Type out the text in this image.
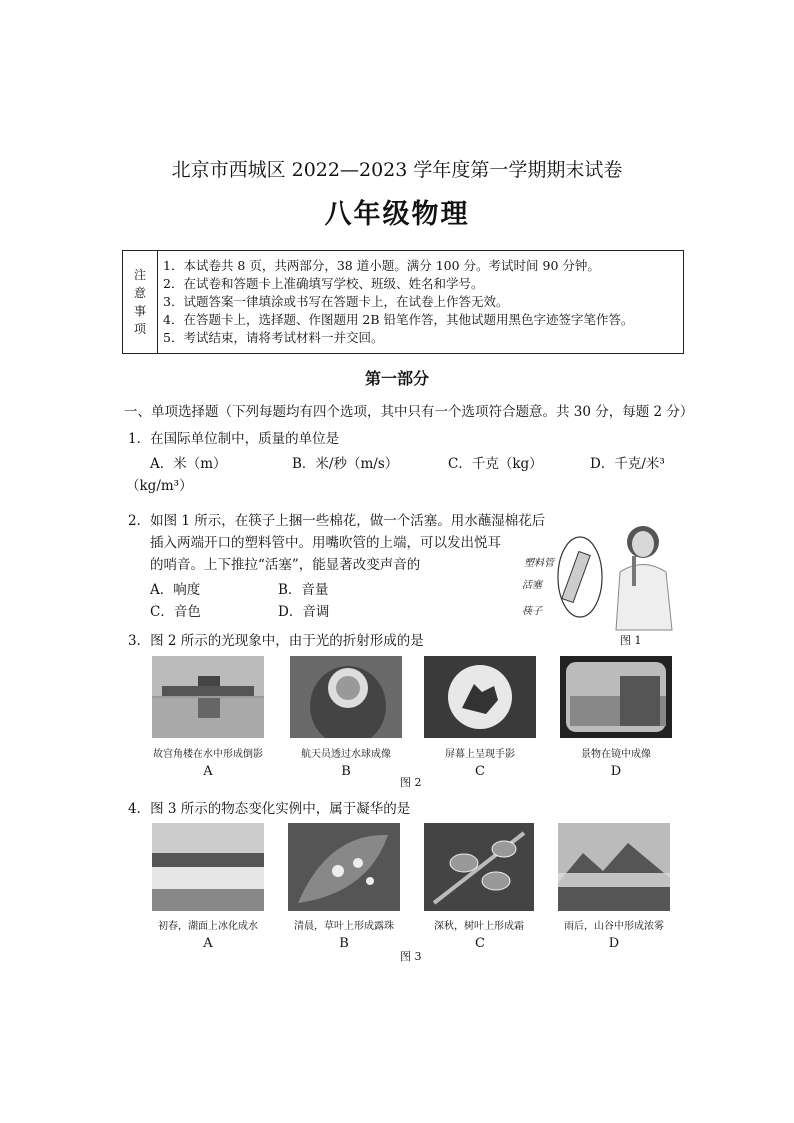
北京市西城区 2022—2023 学年度第一学期期末试卷
八年级物理
注
意
事
项
1．本试卷共 8 页，共两部分，38 道小题。满分 100 分。考试时间 90 分钟。
2．在试卷和答题卡上准确填写学校、班级、姓名和学号。
3．试题答案一律填涂或书写在答题卡上，在试卷上作答无效。
4．在答题卡上，选择题、作图题用 2B 铅笔作答，其他试题用黑色字迹签字笔作答。
5．考试结束，请将考试材料一并交回。
第一部分
一、单项选择题（下列每题均有四个选项，其中只有一个选项符合题意。共 30 分，每题 2 分）
1．在国际单位制中，质量的单位是
A．米（m）	B．米/秒（m/s）	C．千克（kg）	D．千克/米³
（kg/m³）
2．如图 1 所示，在筷子上捆一些棉花，做一个活塞。用水蘸湿棉花后
插入两端开口的塑料管中。用嘴吹管的上端，可以发出悦耳
的哨音。上下推拉“活塞”，能显著改变声音的
A．响度	B．音量
C．音色	D．音调
塑料管
活塞
筷子
图 1
3．图 2 所示的光现象中，由于光的折射形成的是
故宫角楼在水中形成倒影	航天员透过水球成像	屏幕上呈现手影	景物在镜中成像
A	B	C	D
图 2
4．图 3 所示的物态变化实例中，属于凝华的是
初春，湖面上冰化成水	清晨，草叶上形成露珠	深秋，树叶上形成霜	雨后，山谷中形成浓雾
A	B	C	D
图 3
